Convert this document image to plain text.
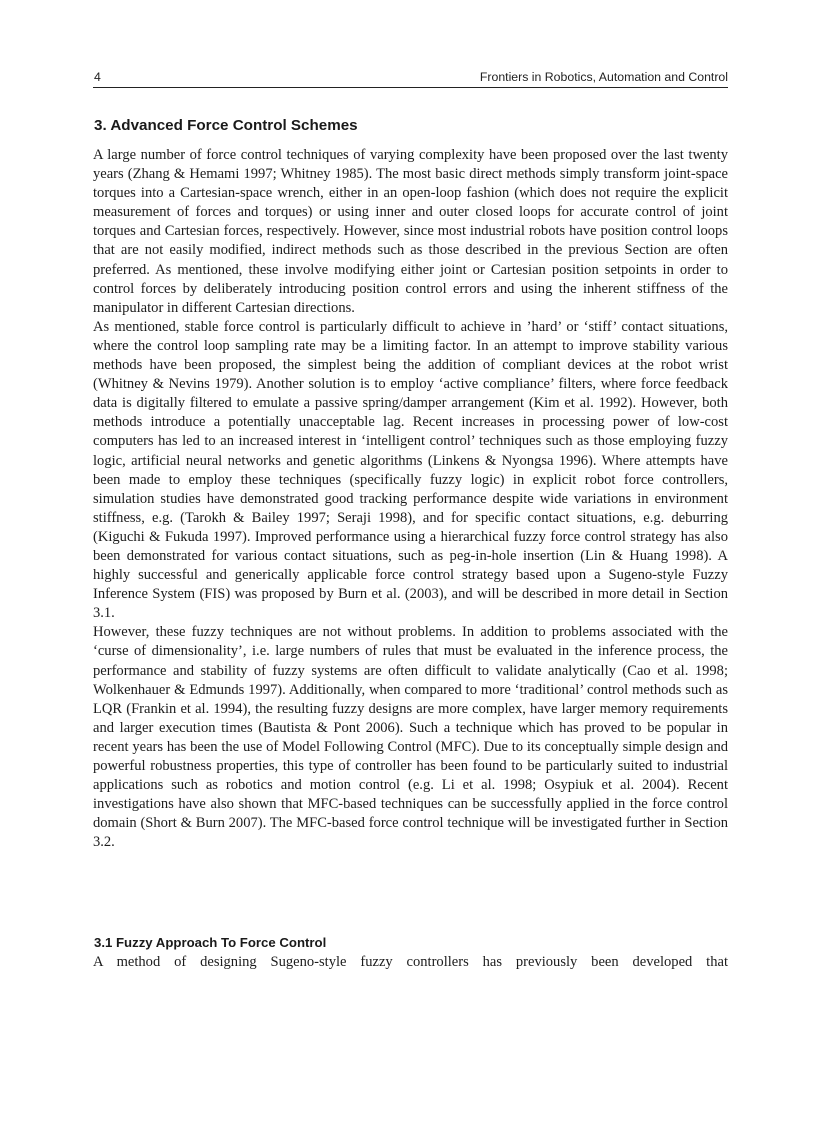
4	Frontiers in Robotics, Automation and Control
3. Advanced Force Control Schemes

A large number of force control techniques of varying complexity have been proposed over the last twenty years (Zhang & Hemami 1997; Whitney 1985). The most basic direct methods simply transform joint-space torques into a Cartesian-space wrench, either in an open-loop fashion (which does not require the explicit measurement of forces and torques) or using inner and outer closed loops for accurate control of joint torques and Cartesian forces, respectively. However, since most industrial robots have position control loops that are not easily modified, indirect methods such as those described in the previous Section are often preferred. As mentioned, these involve modifying either joint or Cartesian position setpoints in order to control forces by deliberately introducing position control errors and using the inherent stiffness of the manipulator in different Cartesian directions.

As mentioned, stable force control is particularly difficult to achieve in ’hard’ or ‘stiff’ contact situations, where the control loop sampling rate may be a limiting factor. In an attempt to improve stability various methods have been proposed, the simplest being the addition of compliant devices at the robot wrist (Whitney & Nevins 1979). Another solution is to employ ‘active compliance’ filters, where force feedback data is digitally filtered to emulate a passive spring/damper arrangement (Kim et al. 1992). However, both methods introduce a potentially unacceptable lag. Recent increases in processing power of low-cost computers has led to an increased interest in ‘intelligent control’ techniques such as those employing fuzzy logic, artificial neural networks and genetic algorithms (Linkens & Nyongsa 1996). Where attempts have been made to employ these techniques (specifically fuzzy logic) in explicit robot force controllers, simulation studies have demonstrated good tracking performance despite wide variations in environment stiffness, e.g. (Tarokh & Bailey 1997; Seraji 1998), and for specific contact situations, e.g. deburring (Kiguchi & Fukuda 1997). Improved performance using a hierarchical fuzzy force control strategy has also been demonstrated for various contact situations, such as peg-in-hole insertion (Lin & Huang 1998). A highly successful and generically applicable force control strategy based upon a Sugeno-style Fuzzy Inference System (FIS) was proposed by Burn et al. (2003), and will be described in more detail in Section 3.1.

However, these fuzzy techniques are not without problems. In addition to problems associated with the ‘curse of dimensionality’, i.e. large numbers of rules that must be evaluated in the inference process, the performance and stability of fuzzy systems are often difficult to validate analytically (Cao et al. 1998; Wolkenhauer & Edmunds 1997). Additionally, when compared to more ‘traditional’ control methods such as LQR (Frankin et al. 1994), the resulting fuzzy designs are more complex, have larger memory requirements and larger execution times (Bautista & Pont 2006). Such a technique which has proved to be popular in recent years has been the use of Model Following Control (MFC). Due to its conceptually simple design and powerful robustness properties, this type of controller has been found to be particularly suited to industrial applications such as robotics and motion control (e.g. Li et al. 1998; Osypiuk et al. 2004). Recent investigations have also shown that MFC-based techniques can be successfully applied in the force control domain (Short & Burn 2007). The MFC-based force control technique will be investigated further in Section 3.2.

3.1 Fuzzy Approach To Force Control

A method of designing Sugeno-style fuzzy controllers has previously been developed that
